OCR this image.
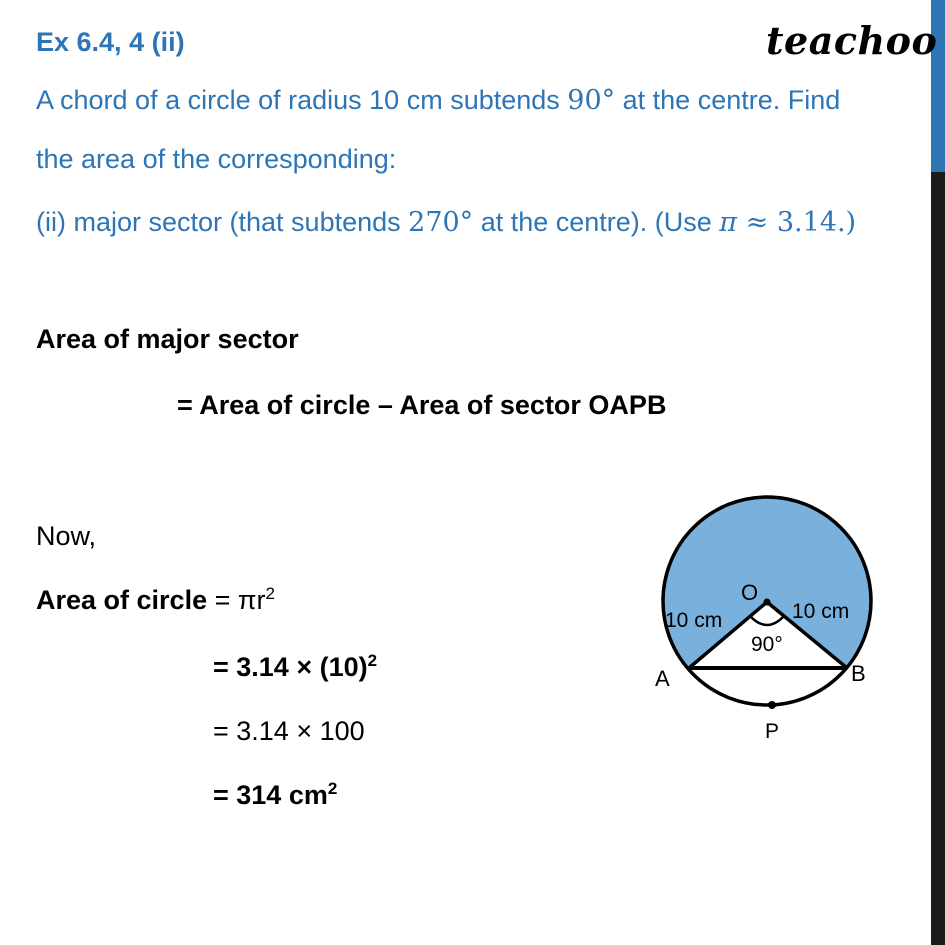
Ex 6.4, 4 (ii)	teachoo
A chord of a circle of radius 10 cm subtends 90° at the centre. Find
the area of the corresponding:
(ii) major sector (that subtends 270° at the centre). (Use π ≈ 3.14.)
Area of major sector
= Area of circle – Area of sector OAPB
Now,
Area of circle = $\pi r^2$
= $3.14 \times (10)^2$
= 3.14 × 100
= 314 $cm^2$
O
10 cm	10 cm
90°
A	B
P
